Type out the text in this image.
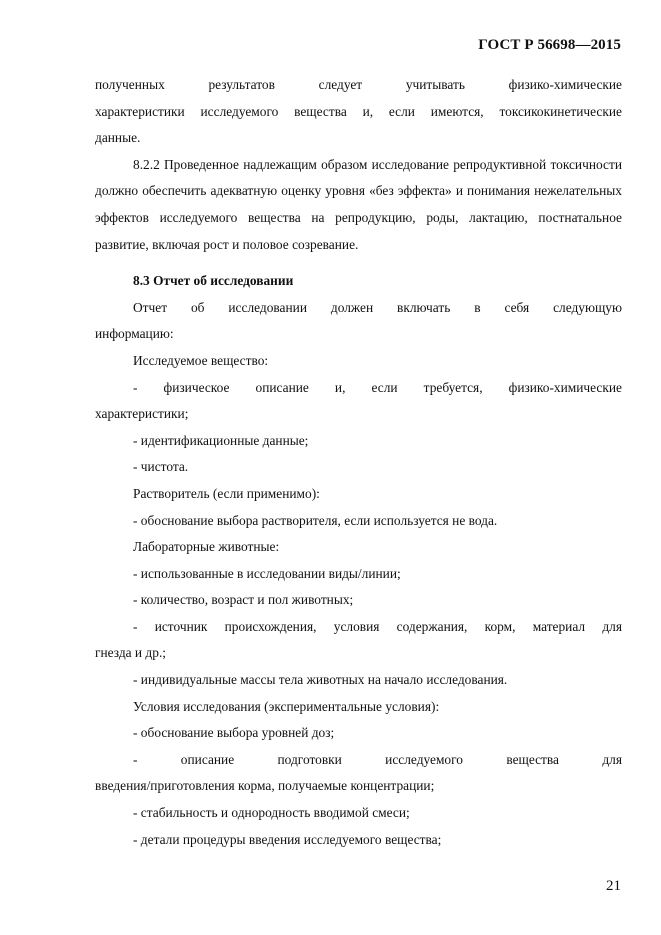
ГОСТ Р 56698—2015

полученных результатов следует учитывать физико-химические

характеристики исследуемого вещества и, если имеются, токсикокинетические

данные.

8.2.2 Проведенное надлежащим образом исследование репродуктивной токсичности должно обеспечить адекватную оценку уровня «без эффекта» и понимания нежелательных эффектов исследуемого вещества на репродукцию, роды, лактацию, постнатальное развитие, включая рост и половое созревание.

8.3 Отчет об исследовании

Отчет об исследовании должен включать в себя следующую

информацию:

Исследуемое вещество:

- физическое описание и, если требуется, физико-химические

характеристики;

- идентификационные данные;

- чистота.

Растворитель (если применимо):

- обоснование выбора растворителя, если используется не вода.

Лабораторные животные:

- использованные в исследовании виды/линии;

- количество, возраст и пол животных;

- источник происхождения, условия содержания, корм, материал для

гнезда и др.;

- индивидуальные массы тела животных на начало исследования.

Условия исследования (экспериментальные условия):

- обоснование выбора уровней доз;

- описание подготовки исследуемого вещества для

введения/приготовления корма, получаемые концентрации;

- стабильность и однородность вводимой смеси;

- детали процедуры введения исследуемого вещества;

21
